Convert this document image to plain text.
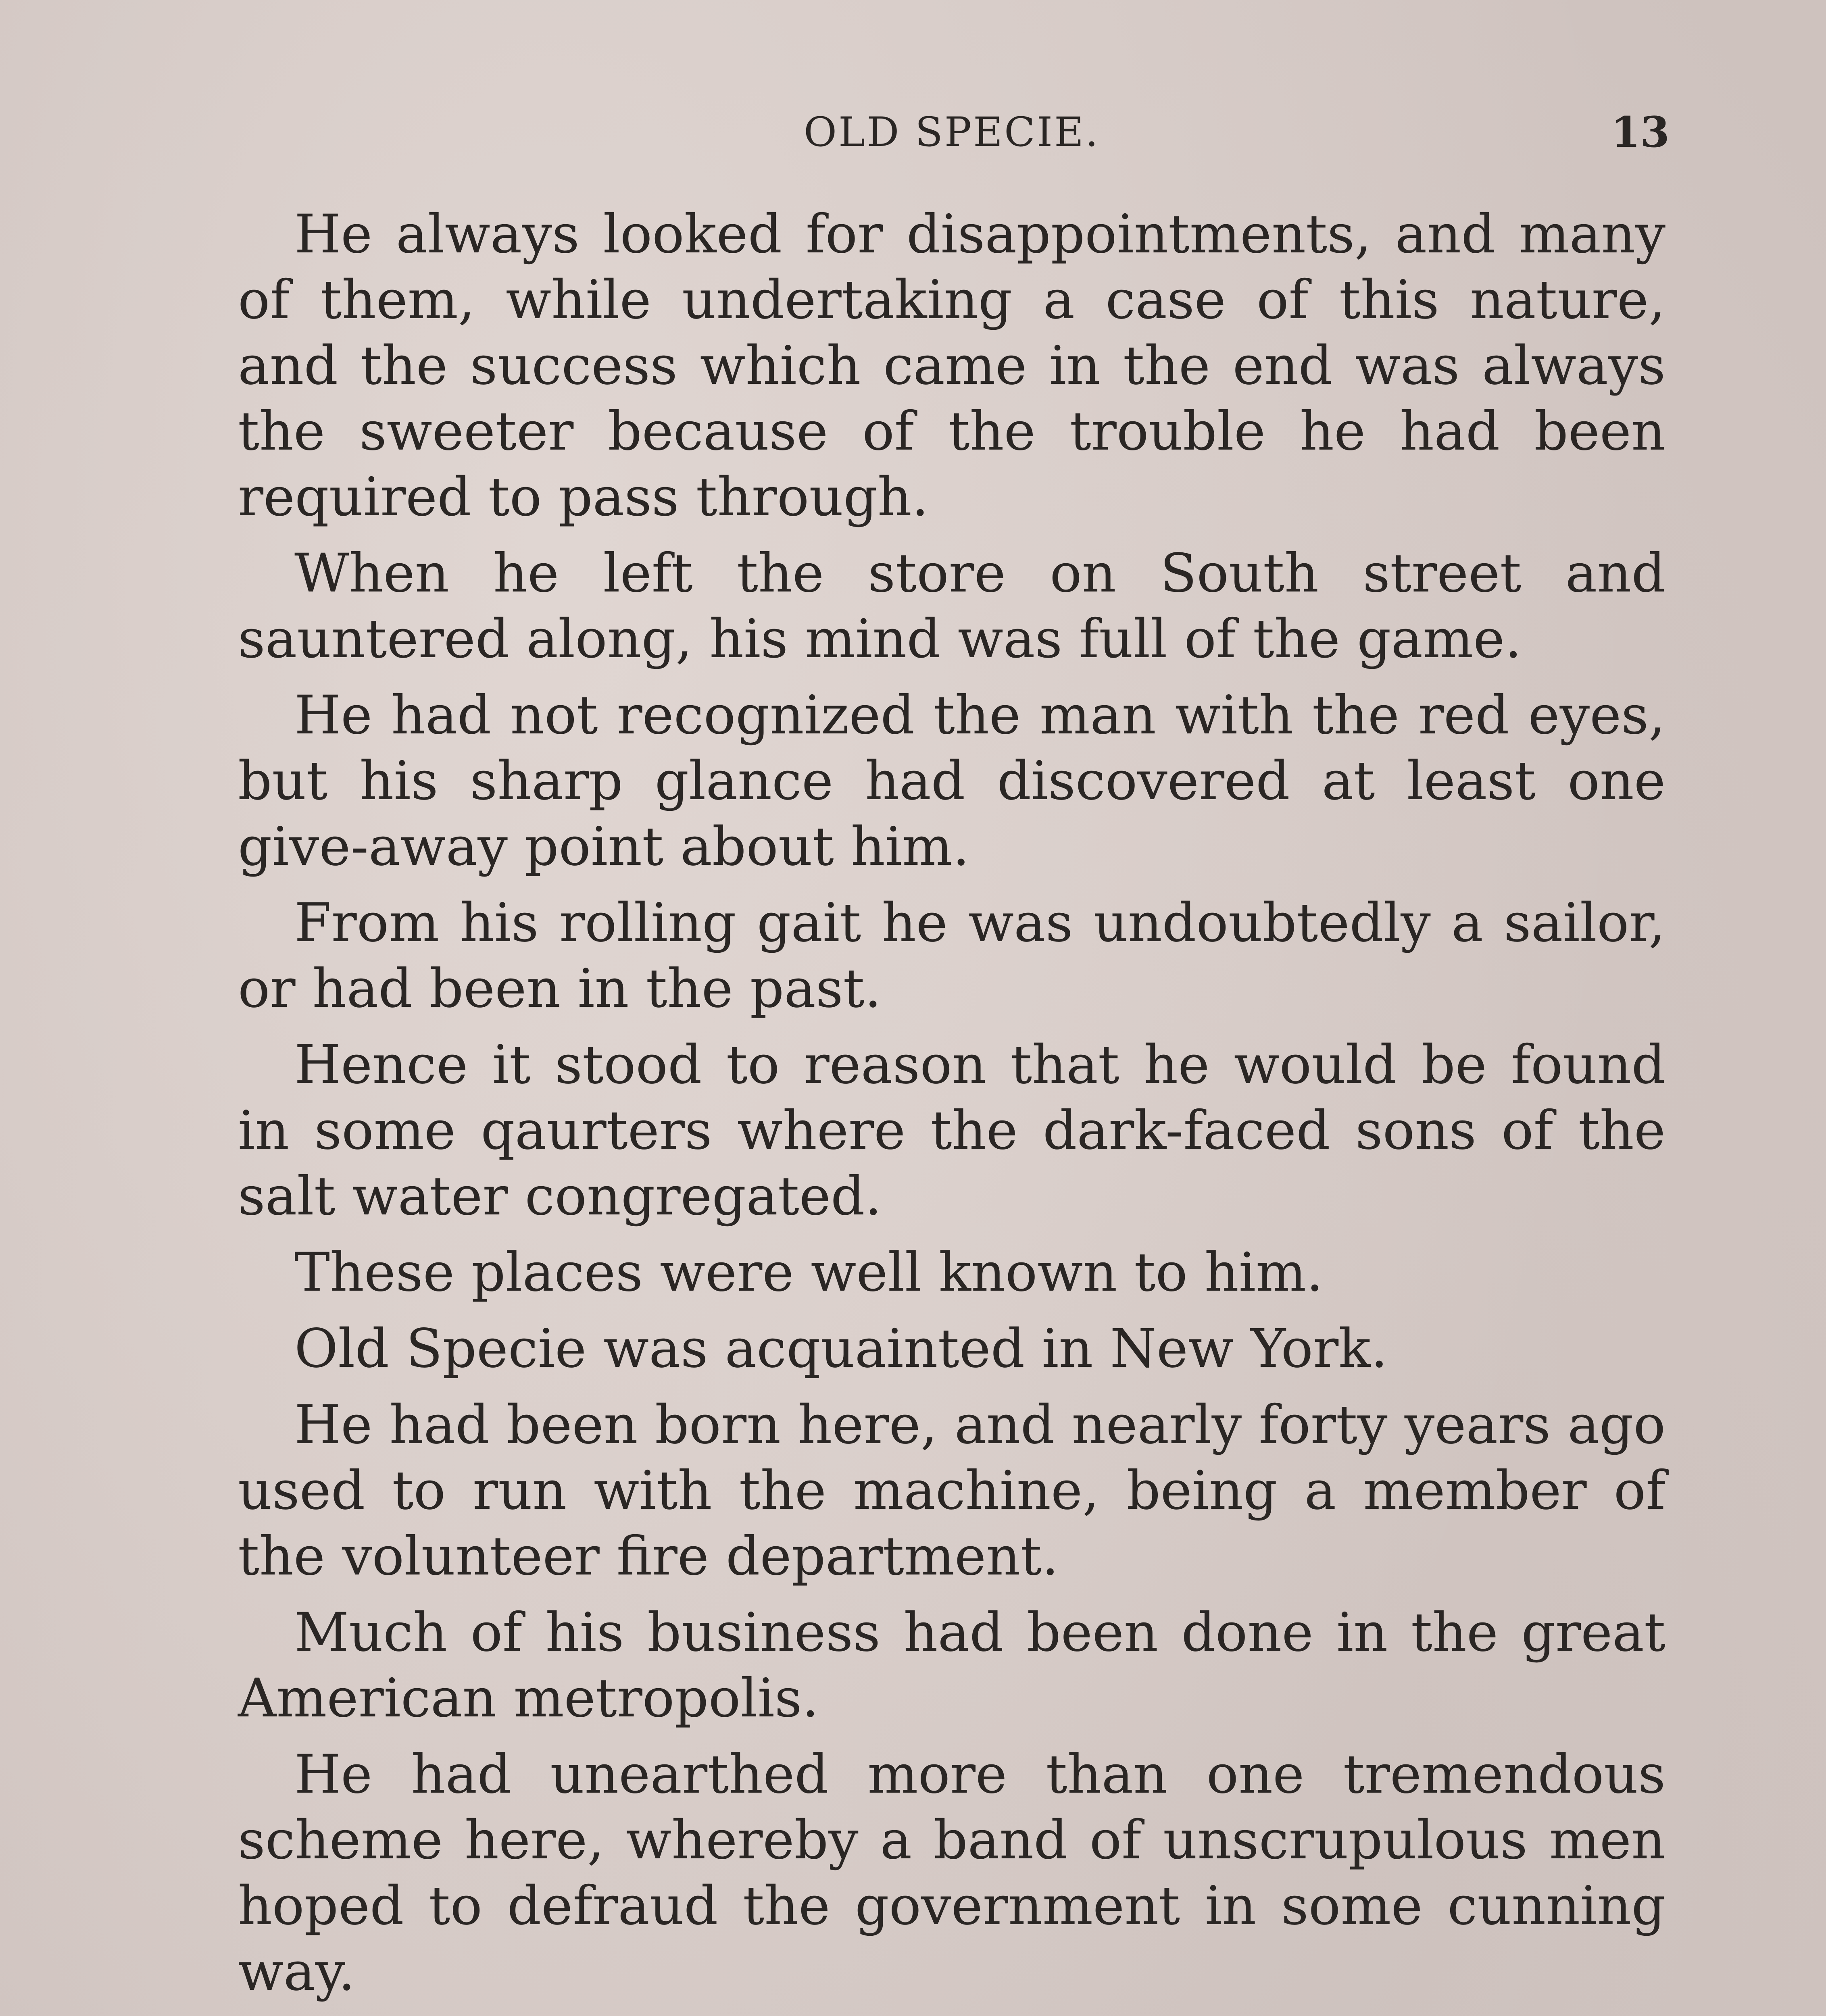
OLD SPECIE.	13

He always looked for disappointments, and many of them, while undertaking a case of this nature, and the success which came in the end was always the sweeter because of the trouble he had been required to pass through.

When he left the store on South street and sauntered along, his mind was full of the game.

He had not recognized the man with the red eyes, but his sharp glance had discovered at least one give-away point about him.

From his rolling gait he was undoubtedly a sailor, or had been in the past.

Hence it stood to reason that he would be found in some qaurters where the dark-faced sons of the salt water congregated.

These places were well known to him.

Old Specie was acquainted in New York.

He had been born here, and nearly forty years ago used to run with the machine, being a member of the volunteer fire department.

Much of his business had been done in the great American metropolis.

He had unearthed more than one tremendous scheme here, whereby a band of unscrupulous men hoped to defraud the government in some cunning way.
